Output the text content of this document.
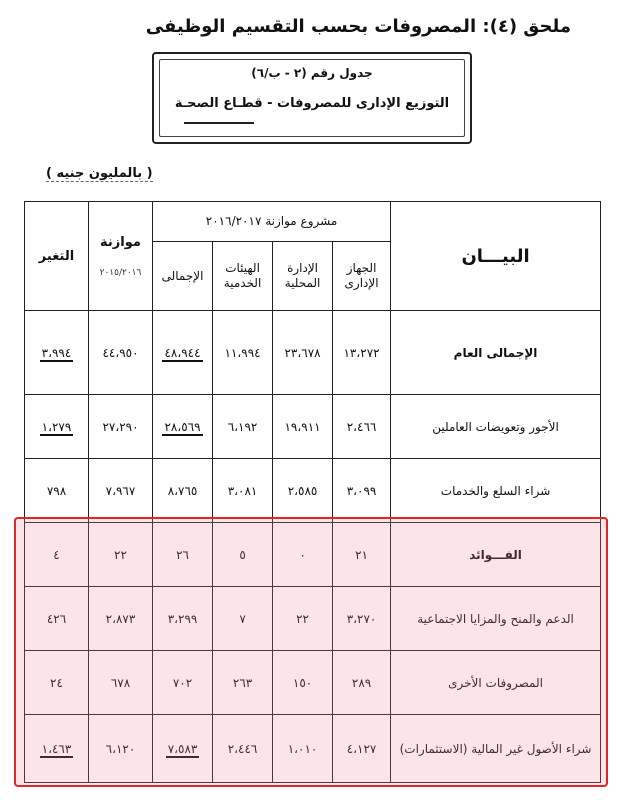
ملحق (٤): المصروفات بحسب التقسيم الوظيفى
جدول رقم (٢ - ب/٦)
التوزيع الإدارى للمصروفات - قطـاع الصحـة
( بالمليون جنيه )
البيـــان	مشروع موازنة ٢٠١٦/٢٠١٧				موازنة
٢٠١٥/٢٠١٦	التغير

	الجهاز الإدارى	الإدارة المحلية	الهيئات الخدمية	الإجمالى		
الإجمالى العام	١٣،٢٧٢	٢٣،٦٧٨	١١،٩٩٤	٤٨،٩٤٤	٤٤،٩٥٠	٣،٩٩٤
الأجور وتعويضات العاملين	٢،٤٦٦	١٩،٩١١	٦،١٩٢	٢٨،٥٦٩	٢٧،٢٩٠	١،٢٧٩
شراء السلع والخدمات	٣،٠٩٩	٢،٥٨٥	٣،٠٨١	٨،٧٦٥	٧،٩٦٧	٧٩٨
الفـــوائد	٢١	٠	٥	٢٦	٢٢	٤
الدعم والمنح والمزايا الاجتماعية	٣،٢٧٠	٢٢	٧	٣،٢٩٩	٢،٨٧٣	٤٢٦
المصروفات الأخرى	٢٨٩	١٥٠	٢٦٣	٧٠٢	٦٧٨	٢٤
شراء الأصول غير المالية (الاستثمارات)	٤،١٢٧	١،٠١٠	٢،٤٤٦	٧،٥٨٣	٦،١٢٠	١،٤٦٣
